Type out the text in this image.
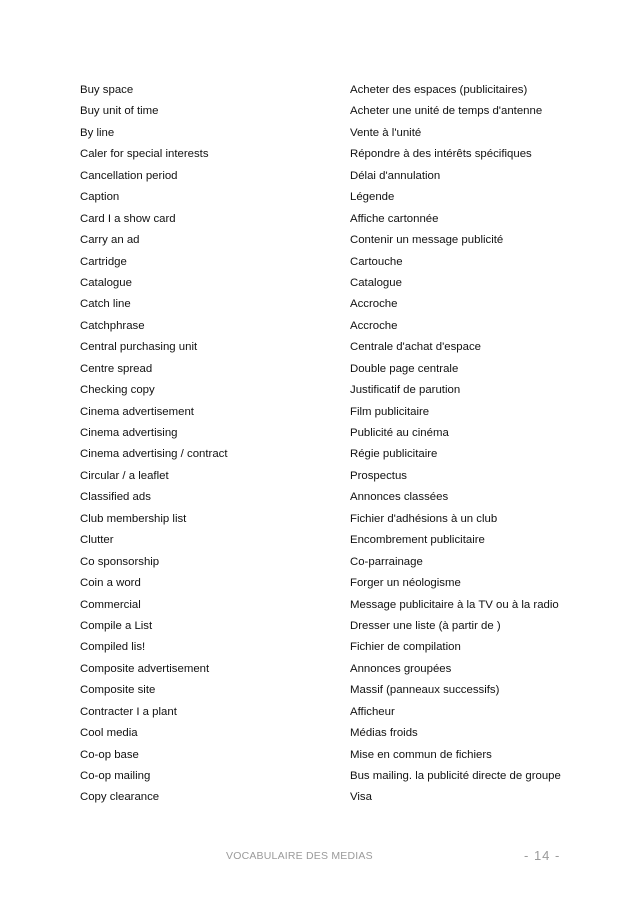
Buy space	Acheter des espaces (publicitaires)
Buy unit of time	Acheter une unité de temps d'antenne
By line	Vente à l'unité
Caler for special interests	Répondre à des intérêts spécifiques
Cancellation period	Délai d'annulation
Caption	Légende
Card I a show card	Affiche cartonnée
Carry an ad	Contenir un message publicité
Cartridge	Cartouche
Catalogue	Catalogue
Catch line	Accroche
Catchphrase	Accroche
Central purchasing unit	Centrale d'achat d'espace
Centre spread	Double page centrale
Checking copy	Justificatif de parution
Cinema advertisement	Film publicitaire
Cinema advertising	Publicité au cinéma
Cinema advertising / contract	Régie publicitaire
Circular / a leaflet	Prospectus
Classified ads	Annonces classées
Club membership list	Fichier d'adhésions à un club
Clutter	Encombrement publicitaire
Co sponsorship	Co-parrainage
Coin a word	Forger un néologisme
Commercial	Message publicitaire à la TV ou à la radio
Compile a List	Dresser une liste (à partir de )
Compiled lis!	Fichier de compilation
Composite advertisement	Annonces groupées
Composite site	Massif (panneaux successifs)
Contracter I a plant	Afficheur
Cool media	Médias froids
Co-op base	Mise en commun de fichiers
Co-op mailing	Bus mailing. la publicité directe de groupe
Copy clearance	Visa
VOCABULAIRE DES MEDIAS	- 14 -
